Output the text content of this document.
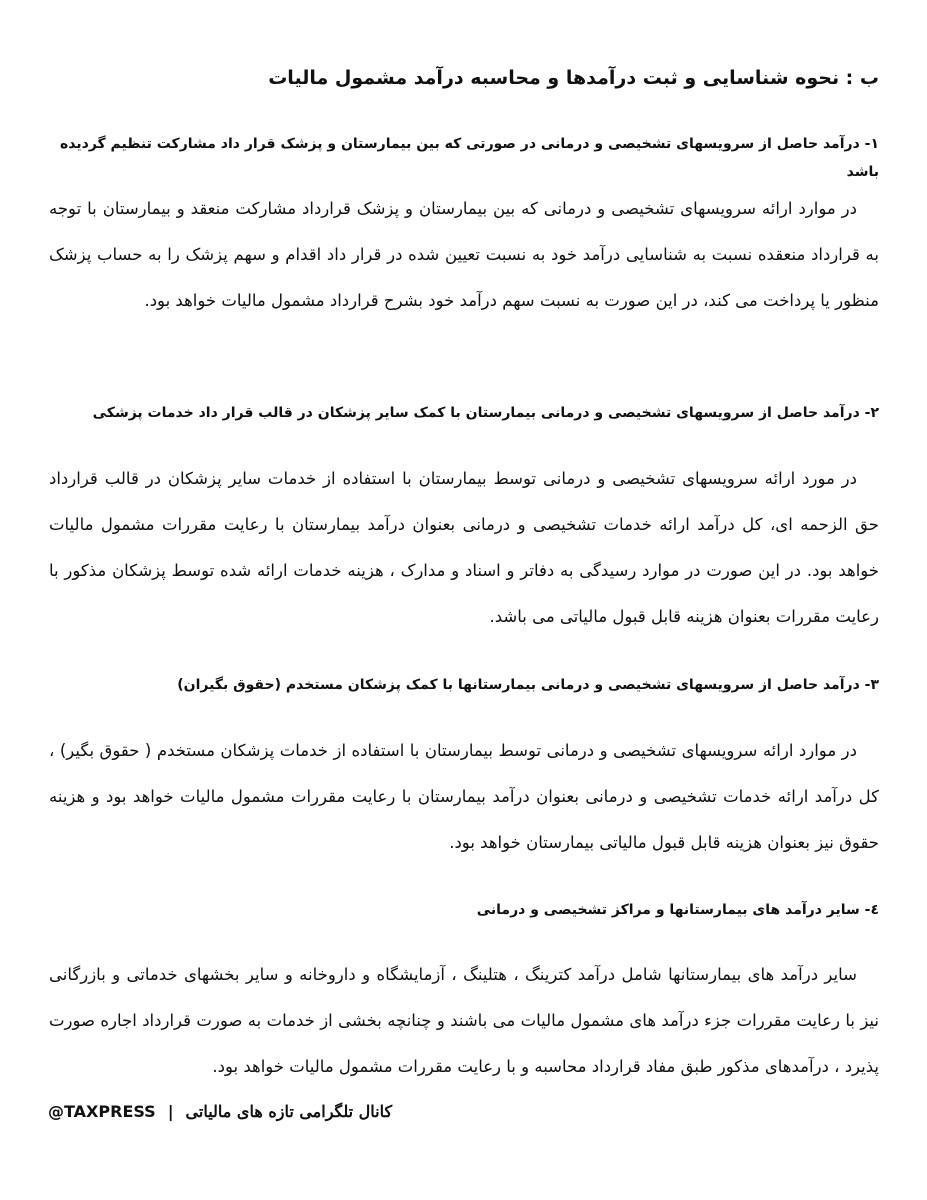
ب : نحوه شناسایی و ثبت درآمدها و محاسبه درآمد مشمول مالیات
١- درآمد حاصل از سرویسهای تشخیصی و درمانی در صورتی که بین بیمارستان و پزشک قرار داد مشارکت تنظیم گردیده باشد

در موارد ارائه سرویسهای تشخیصی و درمانی که بین بیمارستان و پزشک قرارداد مشارکت منعقد و بیمارستان با توجه به قرارداد منعقده نسبت به شناسایی درآمد خود به نسبت تعیین شده در قرار داد اقدام و سهم پزشک را به حساب پزشک منظور یا پرداخت می کند، در این صورت به نسبت سهم درآمد خود بشرح قرارداد مشمول مالیات خواهد بود.

٢- درآمد حاصل از سرویسهای تشخیصی و درمانی بیمارستان با کمک سایر پزشکان در قالب قرار داد خدمات پزشکی

در مورد ارائه سرویسهای تشخیصی و درمانی توسط بیمارستان با استفاده از خدمات سایر پزشکان در قالب قرارداد حق الزحمه ای، کل درآمد ارائه خدمات تشخیصی و درمانی بعنوان درآمد بیمارستان با رعایت مقررات مشمول مالیات خواهد بود. در این صورت در موارد رسیدگی به دفاتر و اسناد و مدارک ، هزینه خدمات ارائه شده توسط پزشکان مذکور با رعایت مقررات بعنوان هزینه قابل قبول مالیاتی می باشد.

٣- درآمد حاصل از سرویسهای تشخیصی و درمانی بیمارستانها با کمک پزشکان مستخدم (حقوق بگیران)

در موارد ارائه سرویسهای تشخیصی و درمانی توسط بیمارستان با استفاده از خدمات پزشکان مستخدم ( حقوق بگیر) ، کل درآمد ارائه خدمات تشخیصی و درمانی بعنوان درآمد بیمارستان با رعایت مقررات مشمول مالیات خواهد بود و هزینه حقوق نیز بعنوان هزینه قابل قبول مالیاتی بیمارستان خواهد بود.

٤- سایر درآمد های بیمارستانها و مراکز تشخیصی و درمانی

سایر درآمد های بیمارستانها شامل درآمد کترینگ ، هتلینگ ، آزمایشگاه و داروخانه و سایر بخشهای خدماتی و بازرگانی نیز با رعایت مقررات جزء درآمد های مشمول مالیات می باشند و چنانچه بخشی از خدمات به صورت قرارداد اجاره صورت پذیرد ، درآمدهای مذکور طبق مفاد قرارداد محاسبه و با رعایت مقررات مشمول مالیات خواهد بود.

@TAXPRESS | کانال تلگرامی تازه های مالیاتی
